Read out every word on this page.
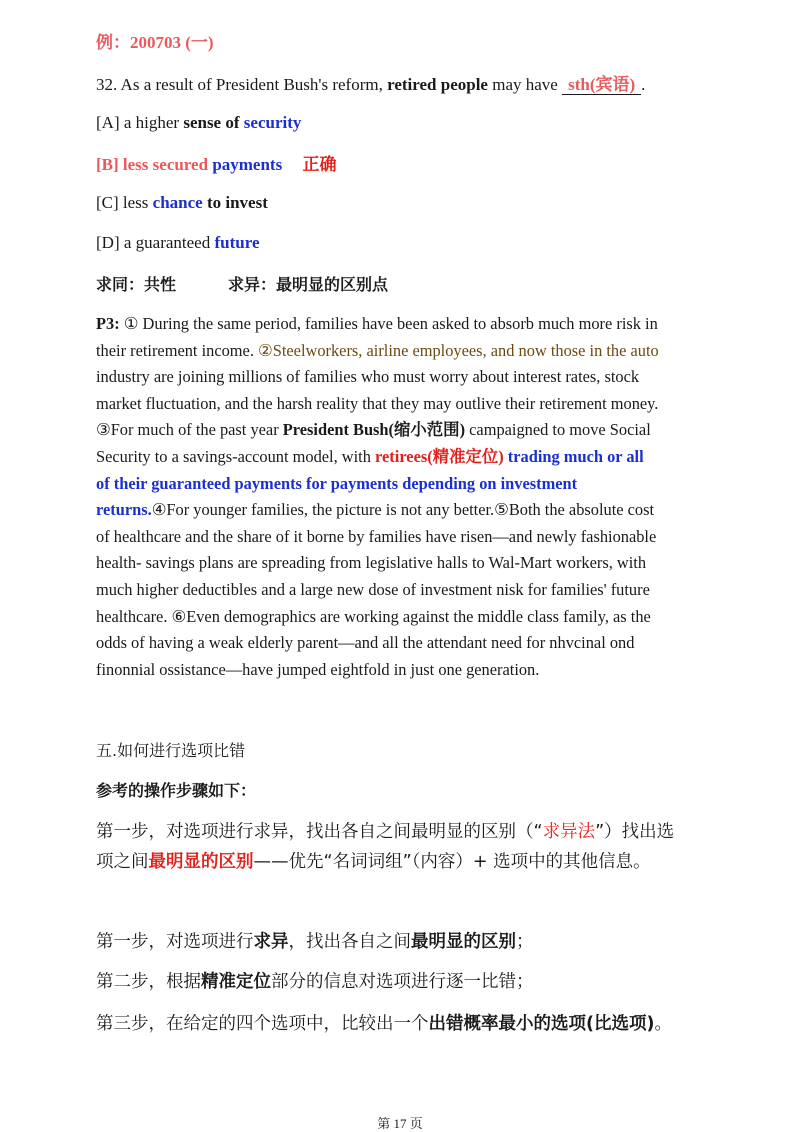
例：200703 (一)
32. As a result of President Bush's reform, retired people may have sth(宾语) .
[A] a higher sense of security
[B] less secured payments 正确
[C] less chance to invest
[D] a guaranteed future
求同：共性	求异：最明显的区别点

P3: ① During the same period, families have been asked to absorb much more risk in

their retirement income. ②Steelworkers, airline employees, and now those in the auto

industry are joining millions of families who must worry about interest rates, stock

market fluctuation, and the harsh reality that they may outlive their retirement money.

③For much of the past year President Bush(缩小范围) campaigned to move Social

Security to a savings-account model, with retirees(精准定位) trading much or all

of their guaranteed payments for payments depending on investment

returns.④For younger families, the picture is not any better.⑤Both the absolute cost

of healthcare and the share of it borne by families have risen—and newly fashionable

health- savings plans are spreading from legislative halls to Wal-Mart workers, with

much higher deductibles and a large new dose of investment nisk for families' future

healthcare. ⑥Even demographics are working against the middle class family, as the

odds of having a weak elderly parent—and all the attendant need for nhvcinal ond

finonnial ossistance—have jumped eightfold in just one generation.

五.如何进行选项比错
参考的操作步骤如下：
第一步，对选项进行求异，找出各自之间最明显的区别（“求异法”）找出选
项之间最明显的区别——优先“名词词组”（内容）+ 选项中的其他信息。
第一步，对选项进行求异，找出各自之间最明显的区别；
第二步，根据精准定位部分的信息对选项进行逐一比错；
第三步，在给定的四个选项中，比较出一个出错概率最小的选项(比选项)。
第 17 页
